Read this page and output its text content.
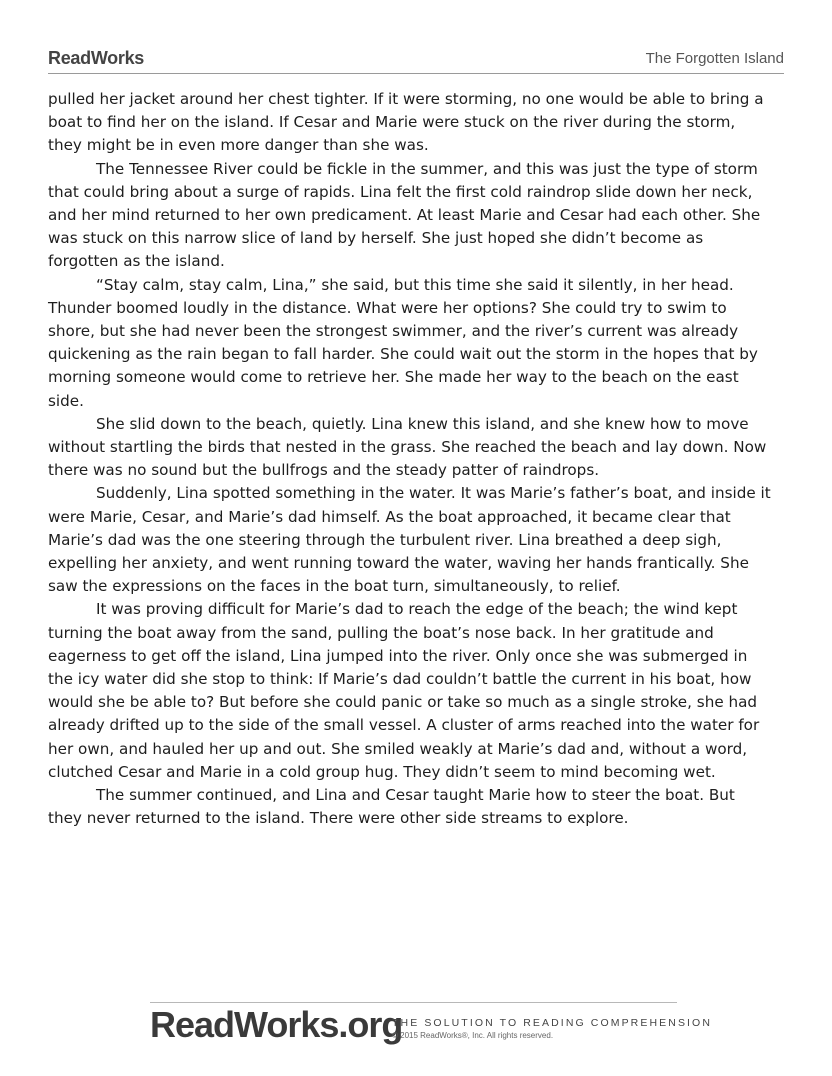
ReadWorks	The Forgotten Island

pulled her jacket around her chest tighter. If it were storming, no one would be able to bring a
boat to find her on the island. If Cesar and Marie were stuck on the river during the storm,
they might be in even more danger than she was.

The Tennessee River could be fickle in the summer, and this was just the type of storm
that could bring about a surge of rapids. Lina felt the first cold raindrop slide down her neck,
and her mind returned to her own predicament. At least Marie and Cesar had each other. She
was stuck on this narrow slice of land by herself. She just hoped she didn’t become as
forgotten as the island.

“Stay calm, stay calm, Lina,” she said, but this time she said it silently, in her head.
Thunder boomed loudly in the distance. What were her options? She could try to swim to
shore, but she had never been the strongest swimmer, and the river’s current was already
quickening as the rain began to fall harder. She could wait out the storm in the hopes that by
morning someone would come to retrieve her. She made her way to the beach on the east
side.

She slid down to the beach, quietly. Lina knew this island, and she knew how to move
without startling the birds that nested in the grass. She reached the beach and lay down. Now
there was no sound but the bullfrogs and the steady patter of raindrops.

Suddenly, Lina spotted something in the water. It was Marie’s father’s boat, and inside it
were Marie, Cesar, and Marie’s dad himself. As the boat approached, it became clear that
Marie’s dad was the one steering through the turbulent river. Lina breathed a deep sigh,
expelling her anxiety, and went running toward the water, waving her hands frantically. She
saw the expressions on the faces in the boat turn, simultaneously, to relief.

It was proving difficult for Marie’s dad to reach the edge of the beach; the wind kept
turning the boat away from the sand, pulling the boat’s nose back. In her gratitude and
eagerness to get off the island, Lina jumped into the river. Only once she was submerged in
the icy water did she stop to think: If Marie’s dad couldn’t battle the current in his boat, how
would she be able to? But before she could panic or take so much as a single stroke, she had
already drifted up to the side of the small vessel. A cluster of arms reached into the water for
her own, and hauled her up and out. She smiled weakly at Marie’s dad and, without a word,
clutched Cesar and Marie in a cold group hug. They didn’t seem to mind becoming wet.

The summer continued, and Lina and Cesar taught Marie how to steer the boat. But
they never returned to the island. There were other side streams to explore.

ReadWorks.org
THE SOLUTION TO READING COMPREHENSION
© 2015 ReadWorks®, Inc. All rights reserved.
